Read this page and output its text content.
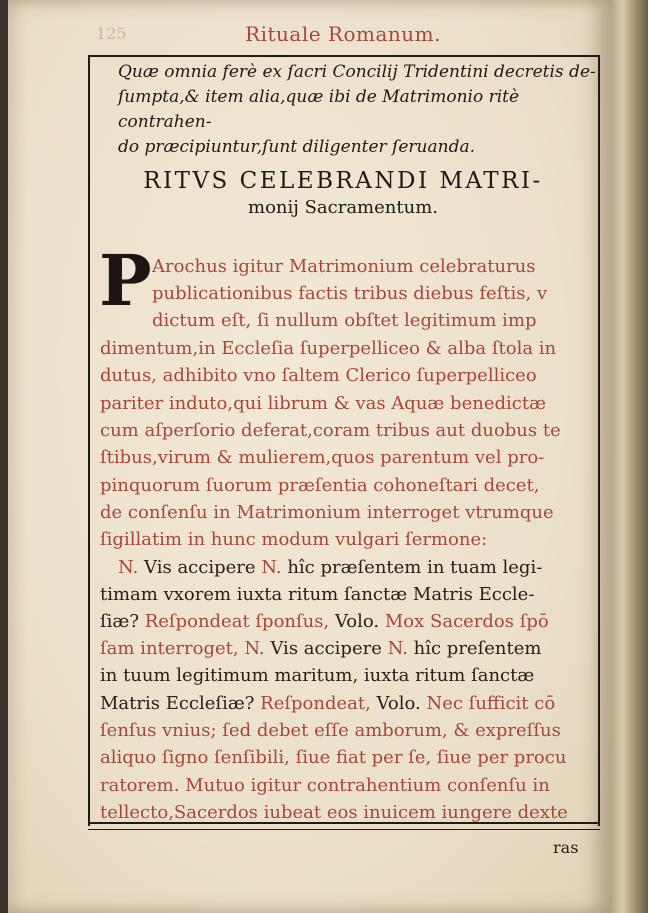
125	Rituale Romanum.
Quæ omnia ferè ex ſacri Concilij Tridentini decretis de-
ſumpta,& item alia,quæ ibi de Matrimonio ritè contrahen-
do præcipiuntur,ſunt diligenter ſeruanda.
RITVS CELEBRANDI MATRI-
monij Sacramentum.
P Arochus igitur Matrimonium celebraturus
publicationibus factis tribus diebus feſtis, v
dictum eſt, ſi nullum obſtet legitimum imp
dimentum,in Eccleſia ſuperpelliceo & alba ſtola in
dutus, adhibito vno ſaltem Clerico ſuperpelliceo
pariter induto,qui librum & vas Aquæ benedictæ
cum aſperſorio deferat,coram tribus aut duobus te
ſtibus,virum & mulierem,quos parentum vel pro-
pinquorum ſuorum præſentia cohoneſtari decet,
de conſenſu in Matrimonium interroget vtrumque
ſigillatim in hunc modum vulgari ſermone:
N. Vis accipere N. hîc præſentem in tuam legi-
timam vxorem iuxta ritum ſanctæ Matris Eccle-
ſiæ? Reſpondeat ſponſus, Volo. Mox Sacerdos ſpō
ſam interroget, N. Vis accipere N. hîc preſentem
in tuum legitimum maritum, iuxta ritum ſanctæ
Matris Eccleſiæ? Reſpondeat, Volo. Nec ſufficit cō
ſenſus vnius; ſed debet eſſe amborum, & expreſſus
aliquo ſigno ſenſibili, ſiue fiat per ſe, ſiue per procu
ratorem. Mutuo igitur contrahentium conſenſu in
tellecto,Sacerdos iubeat eos inuicem iungere dexte
ras
